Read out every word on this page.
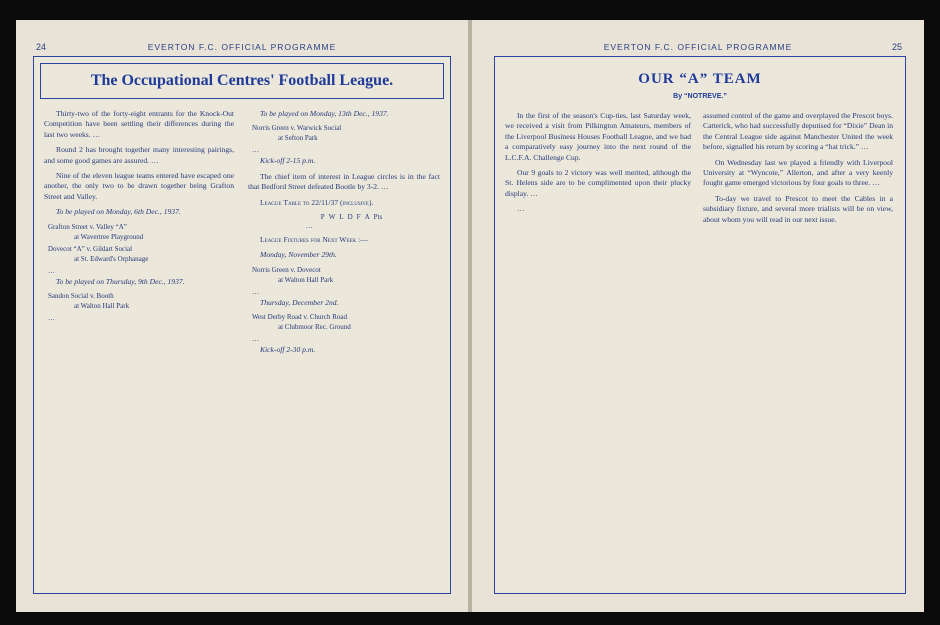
24	EVERTON F.C. OFFICIAL PROGRAMME
The Occupational Centres' Football League.

Thirty-two of the forty-eight entrants for the Knock-Out Competition have been settling their differences during the last two weeks. …

Round 2 has brought together many interesting pairings, and some good games are assured. …

Nine of the eleven league teams entered have escaped one another, the only two to be drawn together being Grafton Street and Valley.

To be played on Monday, 6th Dec., 1937.

Grafton Street v. Valley “A”
at Wavertree Playground
Dovecot “A” v. Gildart Social
at St. Edward's Orphanage
…

To be played on Thursday, 9th Dec., 1937.

Sandon Social v. Booth
at Walton Hall Park
…

To be played on Monday, 13th Dec., 1937.

Norris Green v. Warwick Social
at Sefton Park
…

Kick-off 2-15 p.m.

The chief item of interest in League circles is in the fact that Bedford Street defeated Bootle by 3-2. …

League Table to 22/11/37 (inclusive).

	P	W	L	D	F	A	Pts
…							

League Fixtures for Next Week :—

Monday, November 29th.

Norris Green v. Dovecot
at Walton Hall Park
…

Thursday, December 2nd.

West Derby Road v. Church Road
at Clubmoor Rec. Ground
…

Kick-off 2-30 p.m.

EVERTON F.C. OFFICIAL PROGRAMME	25
OUR “A” TEAM
By “NOTREVE.”

In the first of the season's Cup-ties, last Saturday week, we received a visit from Pilkington Amateurs, members of the Liverpool Business Houses Football League, and we had a comparatively easy journey into the next round of the L.C.F.A. Challenge Cup.

Our 9 goals to 2 victory was well merited, although the St. Helens side are to be complimented upon their plucky display. …

…

assumed control of the game and overplayed the Prescot boys. Catterick, who had successfully deputised for “Dixie” Dean in the Central League side against Manchester United the week before, signalled his return by scoring a “hat trick.” …

On Wednesday last we played a friendly with Liverpool University at “Wyncote,” Allerton, and after a very keenly fought game emerged victorious by four goals to three. …

To-day we travel to Prescot to meet the Cables in a subsidiary fixture, and several more trialists will be on view, about whom you will read in our next issue.
